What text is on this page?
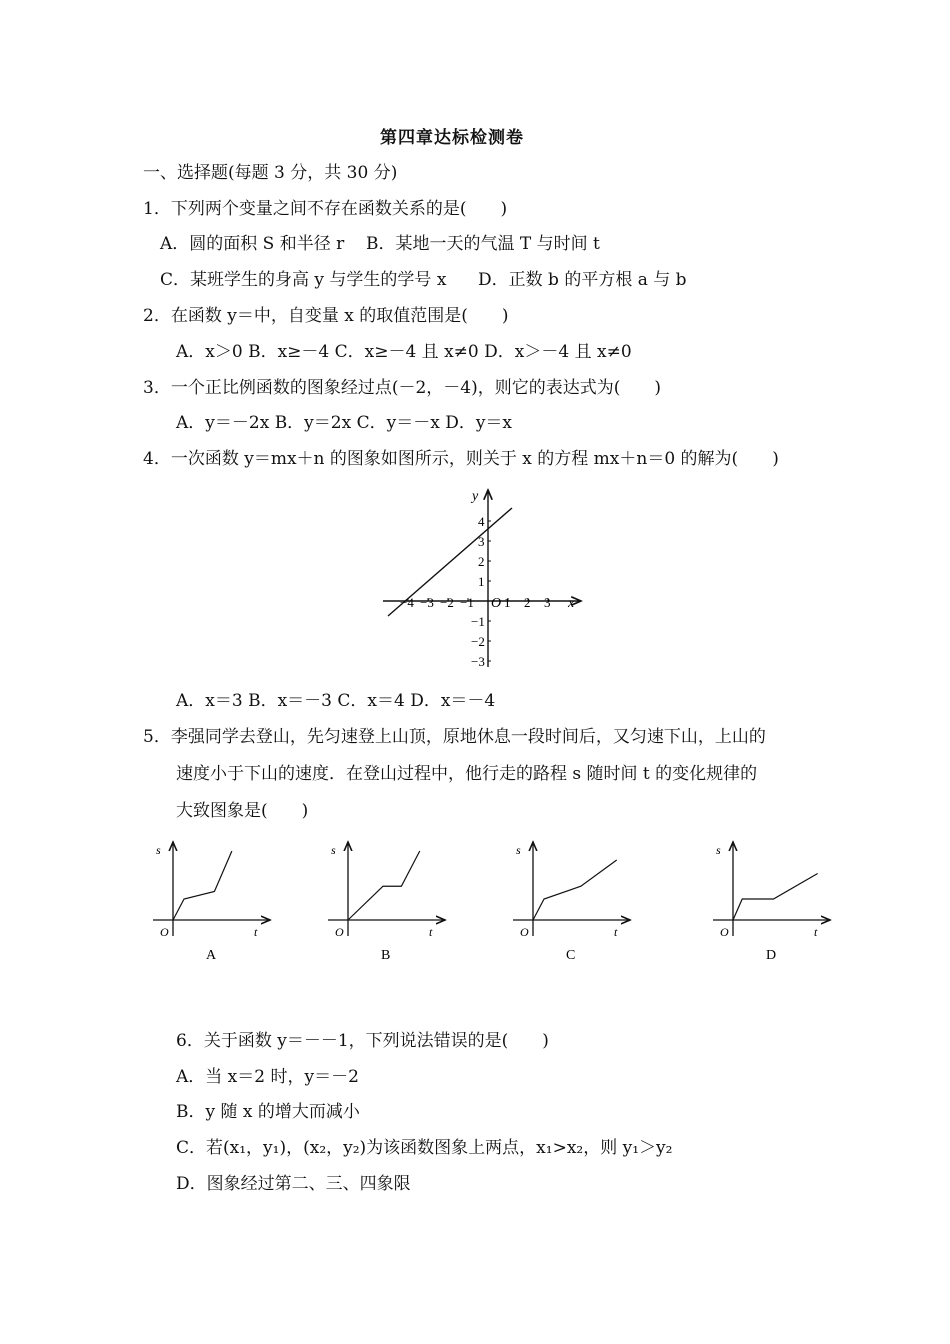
第四章达标检测卷
一、选择题(每题 3 分，共 30 分)
1．下列两个变量之间不存在函数关系的是(　　)
A．圆的面积 S 和半径 r B．某地一天的气温 T 与时间 t
C．某班学生的身高 y 与学生的学号 x D．正数 b 的平方根 a 与 b
2．在函数 y＝中，自变量 x 的取值范围是(　　)
A．x＞0 B．x≥－4 C．x≥－4 且 x≠0 D．x＞－4 且 x≠0
3．一个正比例函数的图象经过点(－2，－4)，则它的表达式为(　　)
A．y＝－2x B．y＝2x C．y＝－x D．y＝x
4．一次函数 y＝mx＋n 的图象如图所示，则关于 x 的方程 mx＋n＝0 的解为(　　)
y
x
O
−4 −3 −2 −1 1 2 3
4
3
2
1
−1
−2
−3
A．x＝3 B．x＝－3 C．x＝4 D．x＝－4
5．李强同学去登山，先匀速登上山顶，原地休息一段时间后，又匀速下山，上山的
速度小于下山的速度．在登山过程中，他行走的路程 s 随时间 t 的变化规律的
大致图象是(　　)
s
O	t
A
s
O	t
B
s
O	t
C
s
O	t
D
6．关于函数 y＝－－1，下列说法错误的是(　　)
A．当 x＝2 时，y＝－2
B．y 随 x 的增大而减小
C．若(x₁，y₁)，(x₂，y₂)为该函数图象上两点，x₁>x₂，则 y₁＞y₂
D．图象经过第二、三、四象限
